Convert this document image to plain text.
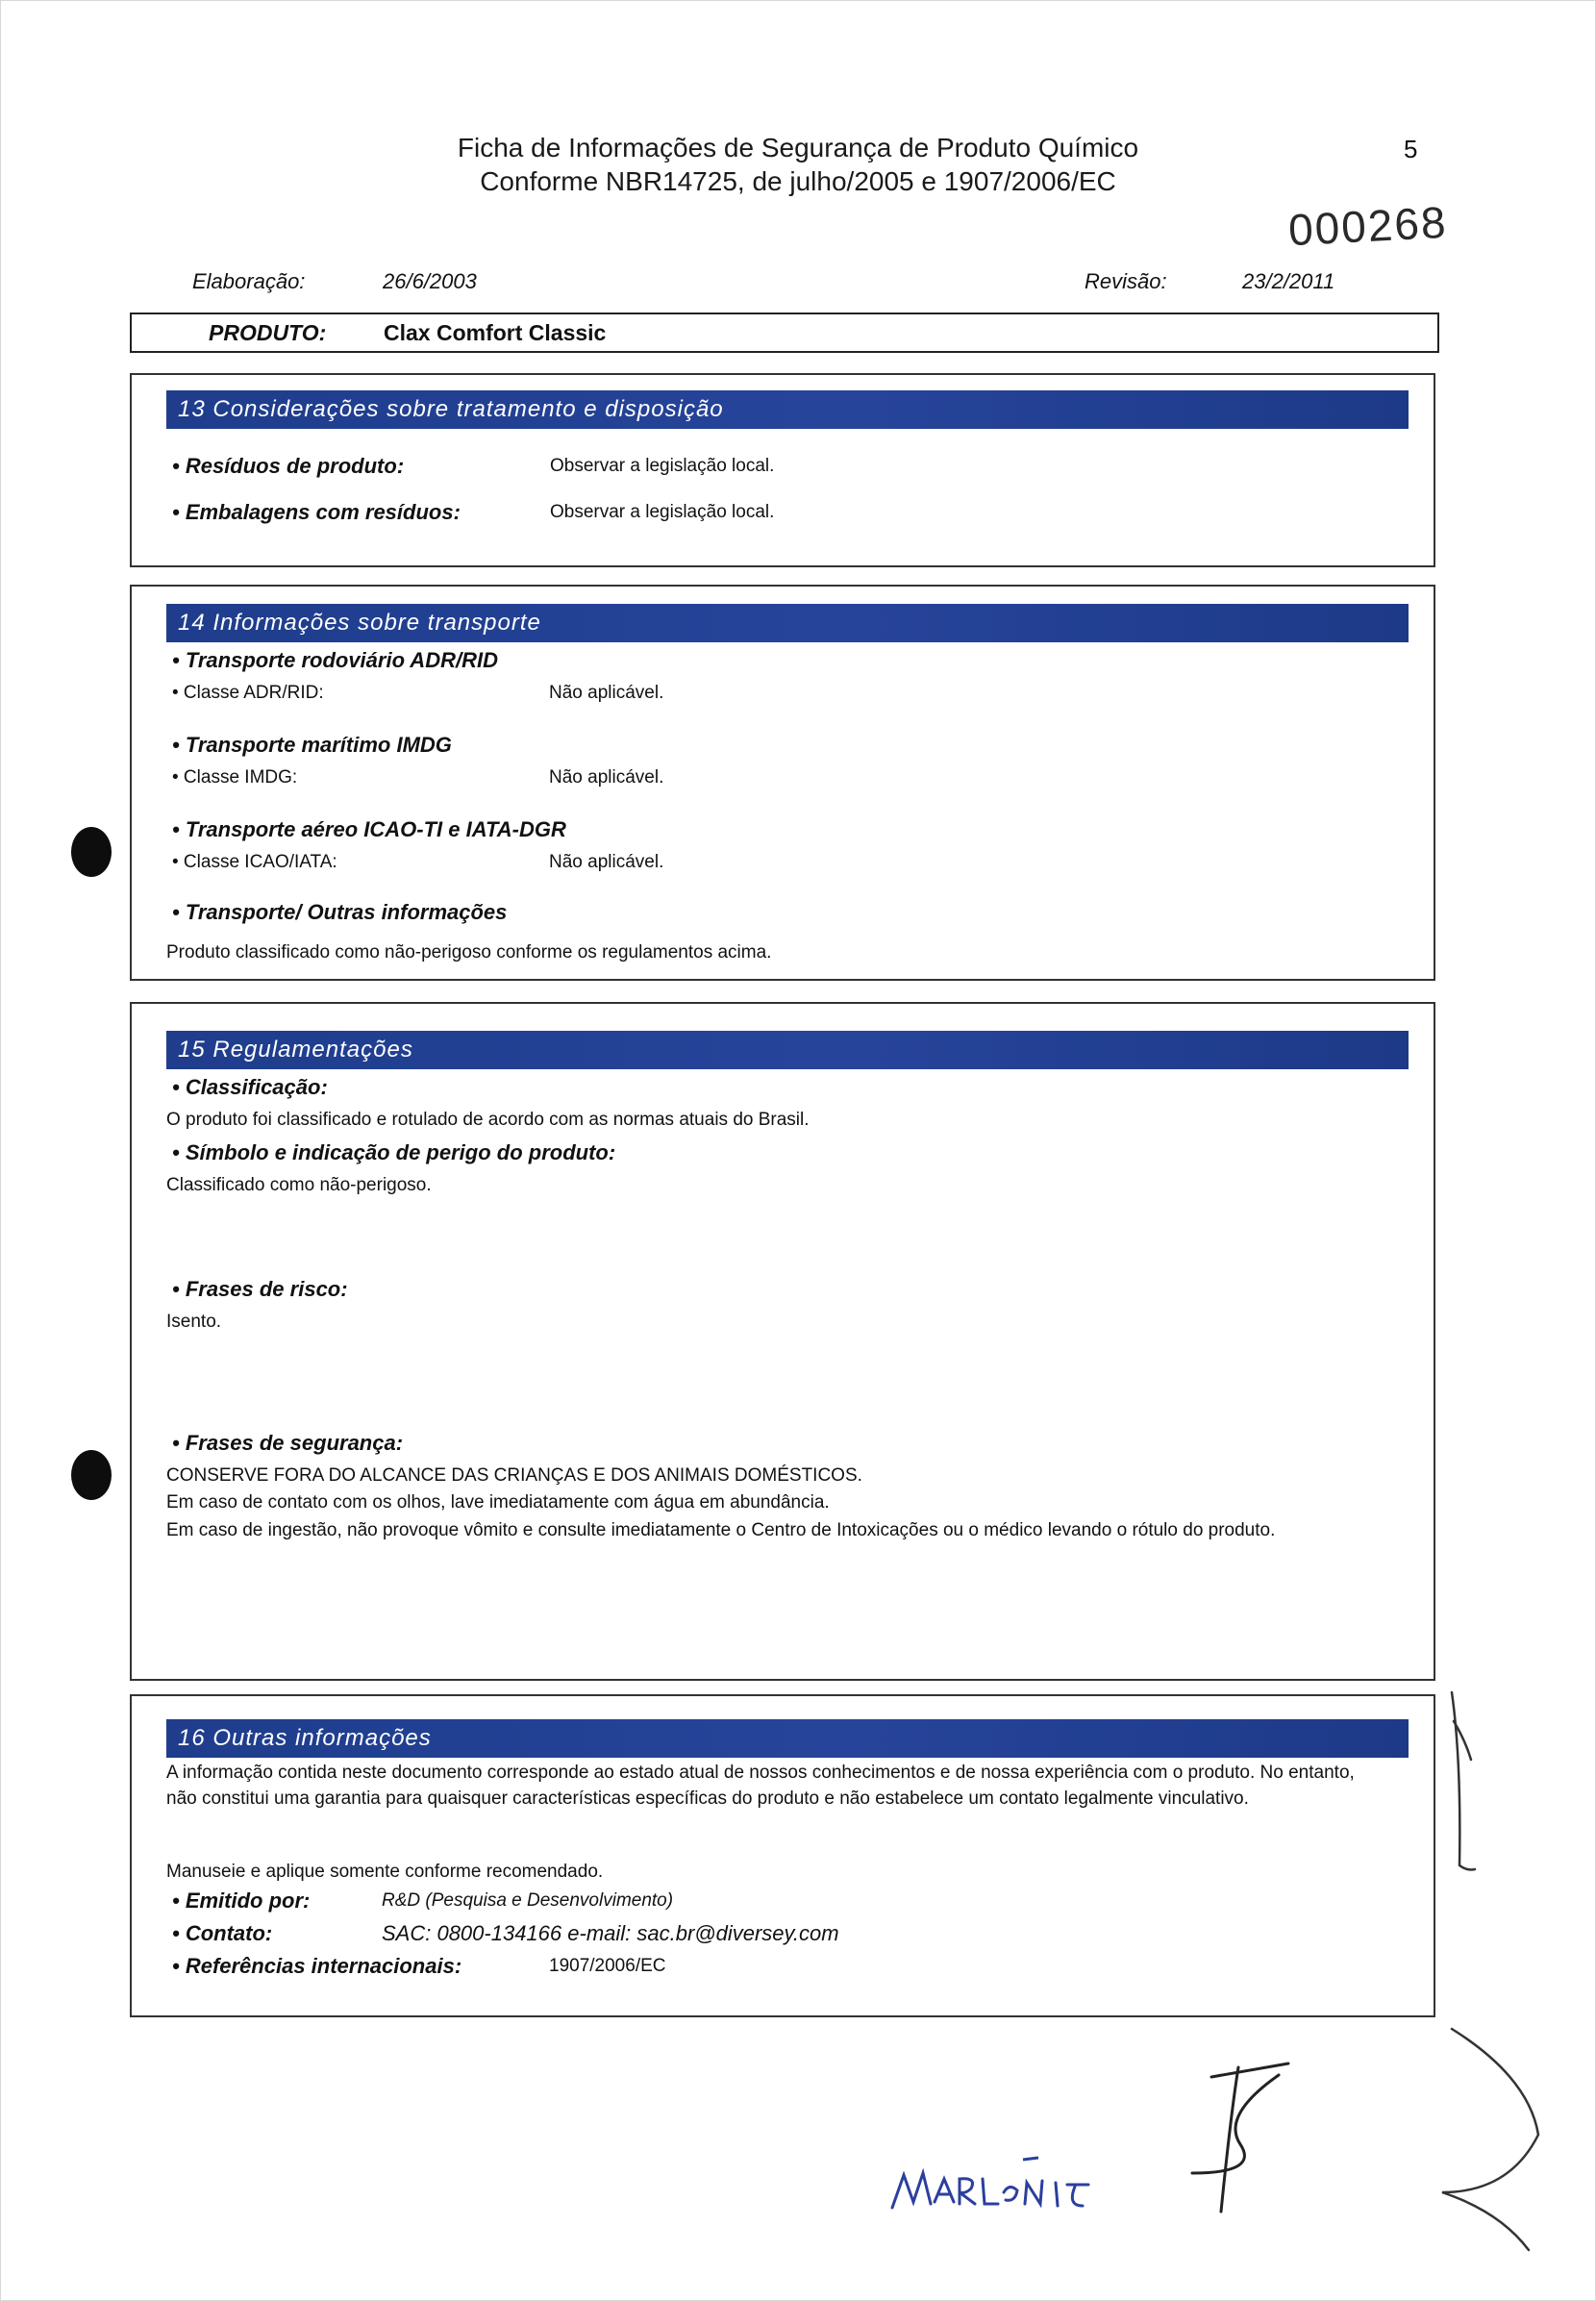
Ficha de Informações de Segurança de Produto Químico
Conforme NBR14725, de julho/2005 e 1907/2006/EC
5
000268
Elaboração:	26/6/2003	Revisão:	23/2/2011
PRODUTO:	Clax Comfort Classic
13 Considerações sobre tratamento e disposição
• Resíduos de produto:	Observar a legislação local.
• Embalagens com resíduos:	Observar a legislação local.
14 Informações sobre transporte
• Transporte rodoviário ADR/RID
• Classe ADR/RID:	Não aplicável.
• Transporte marítimo IMDG
• Classe IMDG:	Não aplicável.
• Transporte aéreo ICAO-TI e IATA-DGR
• Classe ICAO/IATA:	Não aplicável.
• Transporte/ Outras informações
Produto classificado como não-perigoso conforme os regulamentos acima.
15 Regulamentações
• Classificação:
O produto foi classificado e rotulado de acordo com as normas atuais do Brasil.
• Símbolo e indicação de perigo do produto:
Classificado como não-perigoso.
• Frases de risco:
Isento.
• Frases de segurança:
CONSERVE FORA DO ALCANCE DAS CRIANÇAS E DOS ANIMAIS DOMÉSTICOS.
Em caso de contato com os olhos, lave imediatamente com água em abundância.
Em caso de ingestão, não provoque vômito e consulte imediatamente o Centro de Intoxicações ou o médico levando o rótulo do produto.
16 Outras informações
A informação contida neste documento corresponde ao estado atual de nossos conhecimentos e de nossa experiência com o produto. No entanto, não constitui uma garantia para quaisquer características específicas do produto e não estabelece um contato legalmente vinculativo.
Manuseie e aplique somente conforme recomendado.
• Emitido por:	R&D (Pesquisa e Desenvolvimento)
• Contato:	SAC: 0800-134166 e-mail: sac.br@diversey.com
• Referências internacionais:	1907/2006/EC
